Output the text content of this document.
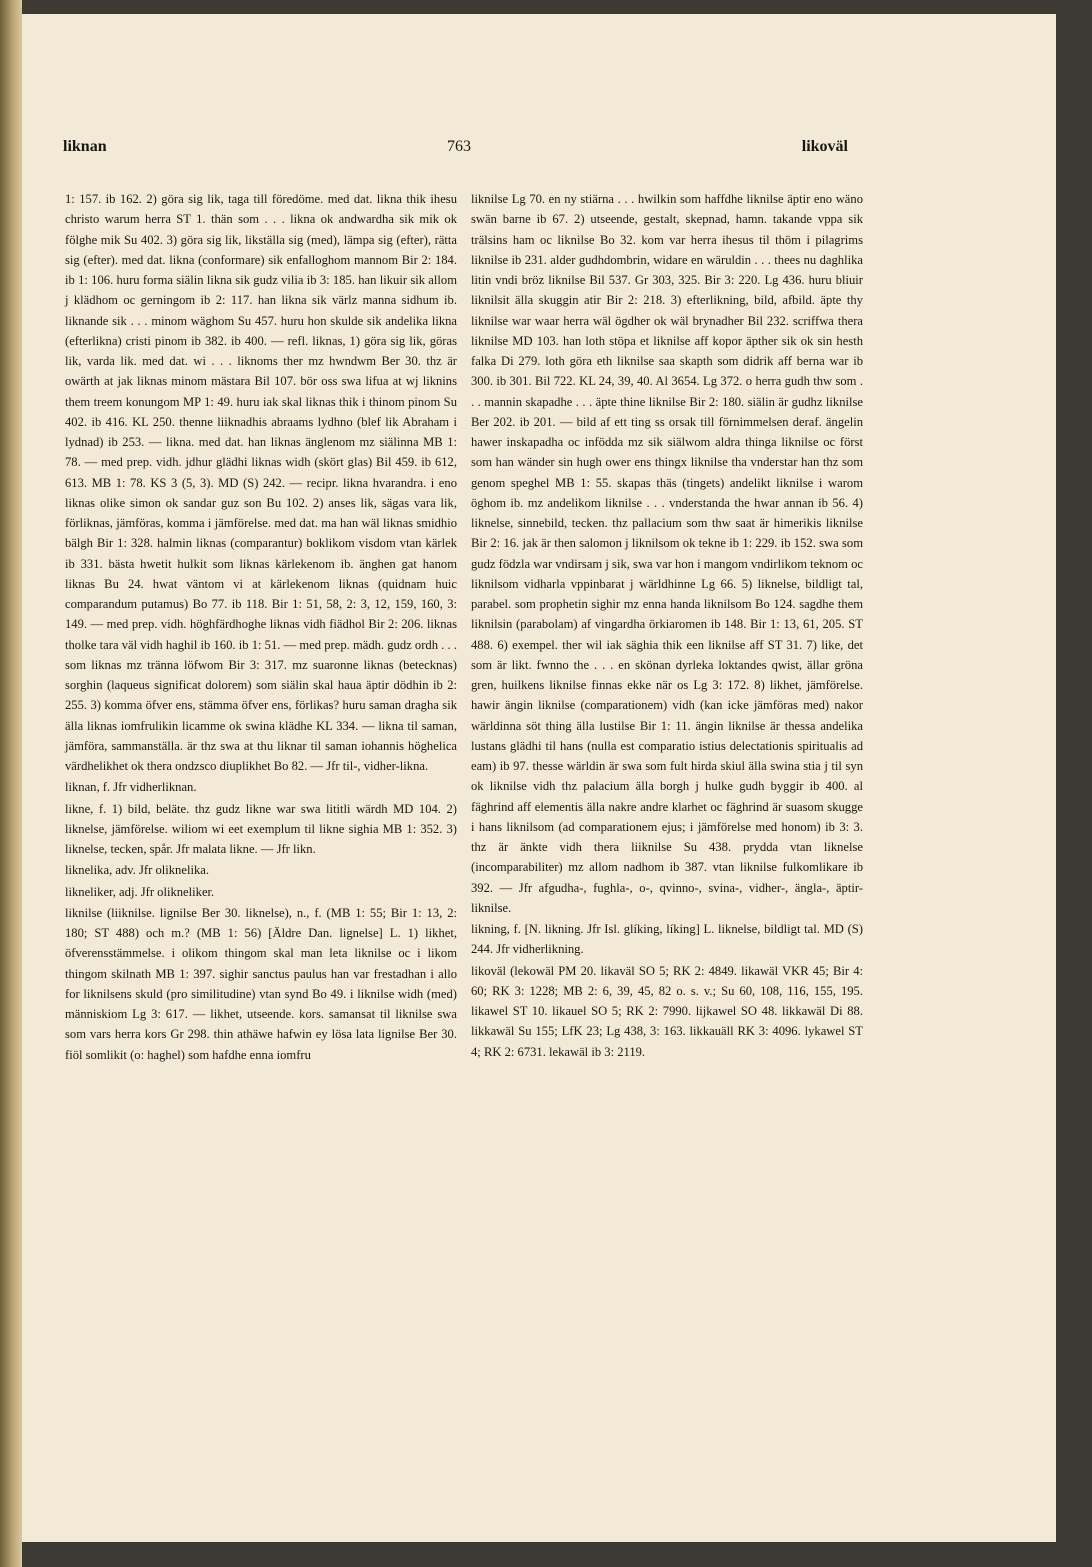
liknan	763	likoväl

1: 157. ib 162. 2) göra sig lik, taga till föredöme. med dat. likna thik ihesu christo warum herra ST 1. thän som . . . likna ok andwardha sik mik ok fölghe mik Su 402. 3) göra sig lik, likställa sig (med), lämpa sig (efter), rätta sig (efter). med dat. likna (conformare) sik enfalloghom mannom Bir 2: 184. ib 1: 106. huru forma siälin likna sik gudz vilia ib 3: 185. han likuir sik allom j klädhom oc gerningom ib 2: 117. han likna sik värlz manna sidhum ib. liknande sik . . . minom wäghom Su 457. huru hon skulde sik andelika likna (efterlikna) cristi pinom ib 382. ib 400. — refl. liknas, 1) göra sig lik, göras lik, varda lik. med dat. wi . . . liknoms ther mz hwndwm Ber 30. thz är owärth at jak liknas minom mästara Bil 107. bör oss swa lifua at wj liknins them treem konungom MP 1: 49. huru iak skal liknas thik i thinom pinom Su 402. ib 416. KL 250. thenne liiknadhis abraams lydhno (blef lik Abraham i lydnad) ib 253. — likna. med dat. han liknas änglenom mz siälinna MB 1: 78. — med prep. vidh. jdhur glädhi liknas widh (skört glas) Bil 459. ib 612, 613. MB 1: 78. KS 3 (5, 3). MD (S) 242. — recipr. likna hvarandra. i eno liknas olike simon ok sandar guz son Bu 102. 2) anses lik, sägas vara lik, förliknas, jämföras, komma i jämförelse. med dat. ma han wäl liknas smidhio bälgh Bir 1: 328. halmin liknas (comparantur) boklikom visdom vtan kärlek ib 331. bästa hwetit hulkit som liknas kärlekenom ib. änghen gat hanom liknas Bu 24. hwat väntom vi at kärlekenom liknas (quidnam huic comparandum putamus) Bo 77. ib 118. Bir 1: 51, 58, 2: 3, 12, 159, 160, 3: 149. — med prep. vidh. höghfärdhoghe liknas vidh fiädhol Bir 2: 206. liknas tholke tara väl vidh haghil ib 160. ib 1: 51. — med prep. mädh. gudz ordh . . . som liknas mz tränna löfwom Bir 3: 317. mz suaronne liknas (betecknas) sorghin (laqueus significat dolorem) som siälin skal haua äptir dödhin ib 2: 255. 3) komma öfver ens, stämma öfver ens, förlikas? huru saman dragha sik älla liknas iomfrulikin licamme ok swina klädhe KL 334. — likna til saman, jämföra, sammanställa. är thz swa at thu liknar til saman iohannis höghelica värdhelikhet ok thera ondzsco diuplikhet Bo 82. — Jfr til-, vidher-likna.

liknan, f. Jfr vidherliknan.

likne, f. 1) bild, beläte. thz gudz likne war swa lititli wärdh MD 104. 2) liknelse, jämförelse. wiliom wi eet exemplum til likne sighia MB 1: 352. 3) liknelse, tecken, spår. Jfr malata likne. — Jfr likn.

liknelika, adv. Jfr oliknelika.

likneliker, adj. Jfr olikneliker.

liknilse (liiknilse. lignilse Ber 30. liknelse), n., f. (MB 1: 55; Bir 1: 13, 2: 180; ST 488) och m.? (MB 1: 56) [Äldre Dan. lignelse] L. 1) likhet, öfverensstämmelse. i olikom thingom skal man leta liknilse oc i likom thingom skilnath MB 1: 397. sighir sanctus paulus han var frestadhan i allo for liknilsens skuld (pro similitudine) vtan synd Bo 49. i liknilse widh (med) människiom Lg 3: 617. — likhet, utseende. kors. samansat til liknilse swa som vars herra kors Gr 298. thin athäwe hafwin ey lösa lata lignilse Ber 30. fiöl somlikit (o: haghel) som hafdhe enna iomfru

liknilse Lg 70. en ny stiärna . . . hwilkin som haffdhe liknilse äptir eno wäno swän barne ib 67. 2) utseende, gestalt, skepnad, hamn. takande vppa sik trälsins ham oc liknilse Bo 32. kom var herra ihesus til thöm i pilagrims liknilse ib 231. alder gudhdombrin, widare en wäruldin . . . thees nu daghlika litin vndi bröz liknilse Bil 537. Gr 303, 325. Bir 3: 220. Lg 436. huru bliuir liknilsit älla skuggin atir Bir 2: 218. 3) efterlikning, bild, afbild. äpte thy liknilse war waar herra wäl ögdher ok wäl brynadher Bil 232. scriffwa thera liknilse MD 103. han loth stöpa et liknilse aff kopor äpther sik ok sin hesth falka Di 279. loth göra eth liknilse saa skapth som didrik aff berna war ib 300. ib 301. Bil 722. KL 24, 39, 40. Al 3654. Lg 372. o herra gudh thw som . . . mannin skapadhe . . . äpte thine liknilse Bir 2: 180. siälin är gudhz liknilse Ber 202. ib 201. — bild af ett ting ss orsak till förnimmelsen deraf. ängelin hawer inskapadha oc infödda mz sik siälwom aldra thinga liknilse oc först som han wänder sin hugh ower ens thingx liknilse tha vnderstar han thz som genom speghel MB 1: 55. skapas thäs (tingets) andelikt liknilse i warom öghom ib. mz andelikom liknilse . . . vnderstanda the hwar annan ib 56. 4) liknelse, sinnebild, tecken. thz pallacium som thw saat är himerikis liknilse Bir 2: 16. jak är then salomon j liknilsom ok tekne ib 1: 229. ib 152. swa som gudz födzla war vndirsam j sik, swa var hon i mangom vndirlikom teknom oc liknilsom vidharla vppinbarat j wärldhinne Lg 66. 5) liknelse, bildligt tal, parabel. som prophetin sighir mz enna handa liknilsom Bo 124. sagdhe them liknilsin (parabolam) af vingardha örkiaromen ib 148. Bir 1: 13, 61, 205. ST 488. 6) exempel. ther wil iak säghia thik een liknilse aff ST 31. 7) like, det som är likt. fwnno the . . . en skönan dyrleka loktandes qwist, ällar gröna gren, huilkens liknilse finnas ekke när os Lg 3: 172. 8) likhet, jämförelse. hawir ängin liknilse (comparationem) vidh (kan icke jämföras med) nakor wärldinna söt thing älla lustilse Bir 1: 11. ängin liknilse är thessa andelika lustans glädhi til hans (nulla est comparatio istius delectationis spiritualis ad eam) ib 97. thesse wärldin är swa som fult hirda skiul älla swina stia j til syn ok liknilse vidh thz palacium älla borgh j hulke gudh byggir ib 400. al fäghrind aff elementis älla nakre andre klarhet oc fäghrind är suasom skugge i hans liknilsom (ad comparationem ejus; i jämförelse med honom) ib 3: 3. thz är änkte vidh thera liiknilse Su 438. prydda vtan liknelse (incomparabiliter) mz allom nadhom ib 387. vtan liknilse fulkomlikare ib 392. — Jfr afgudha-, fughla-, o-, qvinno-, svina-, vidher-, ängla-, äptir-liknilse.

likning, f. [N. likning. Jfr Isl. glíking, líking] L. liknelse, bildligt tal. MD (S) 244. Jfr vidherlikning.

likoväl (lekowäl PM 20. likaväl SO 5; RK 2: 4849. likawäl VKR 45; Bir 4: 60; RK 3: 1228; MB 2: 6, 39, 45, 82 o. s. v.; Su 60, 108, 116, 155, 195. likawel ST 10. likauel SO 5; RK 2: 7990. lijkawel SO 48. likkawäl Di 88. likkawäl Su 155; LfK 23; Lg 438, 3: 163. likkauäll RK 3: 4096. lykawel ST 4; RK 2: 6731. lekawäl ib 3: 2119.
